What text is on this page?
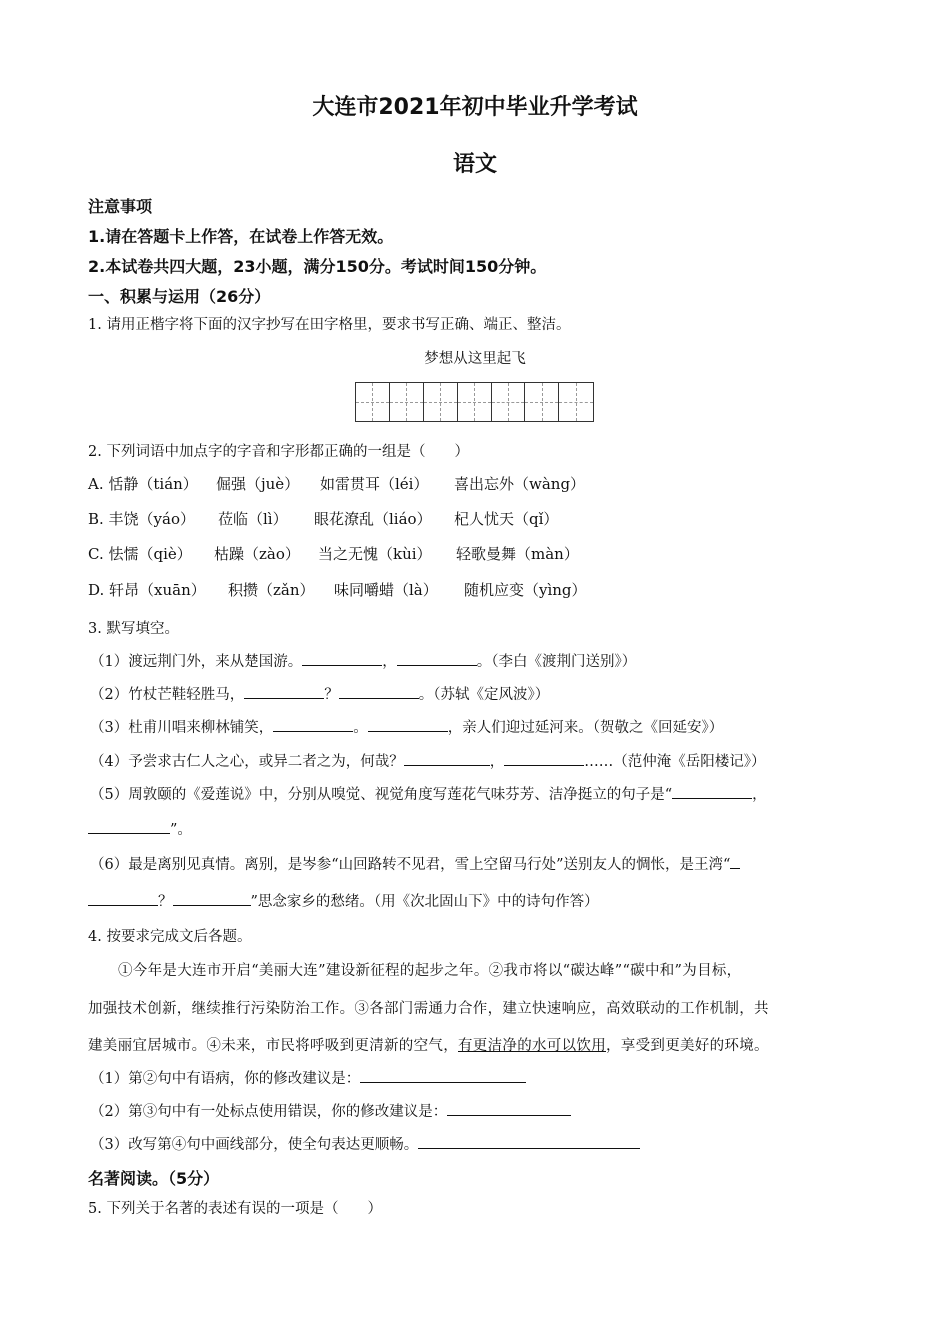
大连市2021年初中毕业升学考试
语文
注意事项
1.请在答题卡上作答，在试卷上作答无效。
2.本试卷共四大题，23小题，满分150分。考试时间150分钟。
一、积累与运用（26分）
1. 请用正楷字将下面的汉字抄写在田字格里，要求书写正确、端正、整洁。
梦想从这里起飞
2. 下列词语中加点字的字音和字形都正确的一组是（　　）
A. 恬静（tián） 倔强（juè） 如雷贯耳（léi） 喜出忘外（wàng）
B. 丰饶（yáo） 莅临（lì） 眼花潦乱（liáo） 杞人忧天（qǐ）
C. 怯懦（qiè） 枯躁（zào） 当之无愧（kùi） 轻歌曼舞（màn）
D. 轩昂（xuān） 积攒（zǎn） 味同嚼蜡（là） 随机应变（yìng）
3. 默写填空。
（1）渡远荆门外，来从楚国游。	，	。（李白《渡荆门送别》）
（2）竹杖芒鞋轻胜马，	？	。（苏轼《定风波》）
（3）杜甫川唱来柳林铺笑，	。	，亲人们迎过延河来。（贺敬之《回延安》）
（4）予尝求古仁人之心，或异二者之为，何哉？	，	……（范仲淹《岳阳楼记》）
（5）周敦颐的《爱莲说》中，分别从嗅觉、视觉角度写莲花气味芬芳、洁净挺立的句子是“	，
”。
（6）最是离别见真情。离别，是岑参“山回路转不见君，雪上空留马行处”送别友人的惆怅，是王湾“
？	”思念家乡的愁绪。（用《次北固山下》中的诗句作答）
4. 按要求完成文后各题。
①今年是大连市开启“美丽大连”建设新征程的起步之年。②我市将以“碳达峰”“碳中和”为目标，
加强技术创新，继续推行污染防治工作。③各部门需通力合作，建立快速响应，高效联动的工作机制，共
建美丽宜居城市。④未来，市民将呼吸到更清新的空气，有更洁净的水可以饮用，享受到更美好的环境。
（1）第②句中有语病，你的修改建议是：
（2）第③句中有一处标点使用错误，你的修改建议是：
（3）改写第④句中画线部分，使全句表达更顺畅。
名著阅读。（5分）
5. 下列关于名著的表述有误的一项是（　　）
